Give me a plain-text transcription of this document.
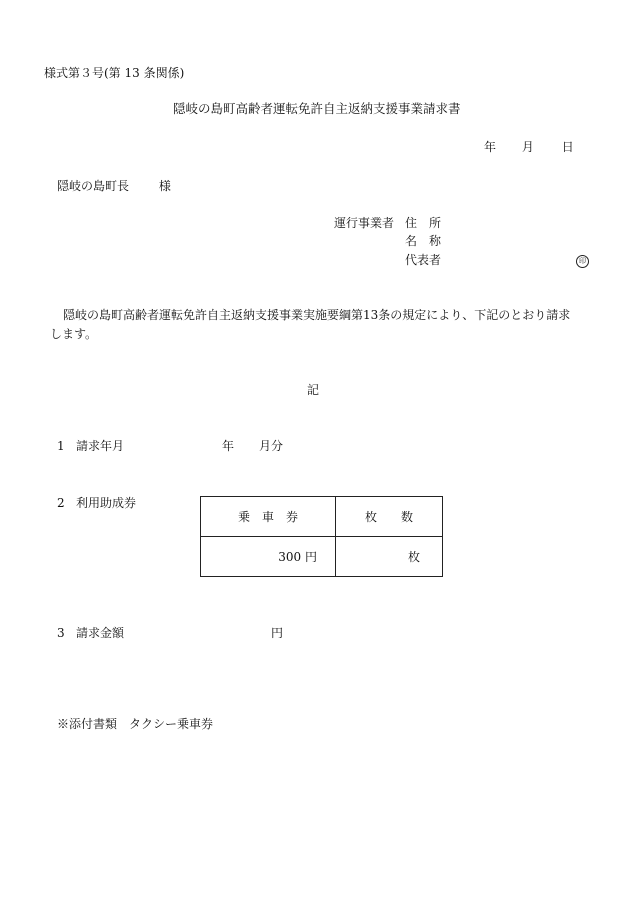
様式第３号(第 13 条関係)
隠岐の島町高齢者運転免許自主返納支援事業請求書
年 月 日
隠岐の島町長 様
運行事業者 住　所
名　称
代表者	印
隠岐の島町高齢者運転免許自主返納支援事業実施要綱第13条の規定により、下記のとおり請求
します。
記
1 請求年月	年 月分
2 利用助成券
乗　車　券	枚　　数
300 円	枚
3 請求金額	円
※添付書類　タクシー乗車券
